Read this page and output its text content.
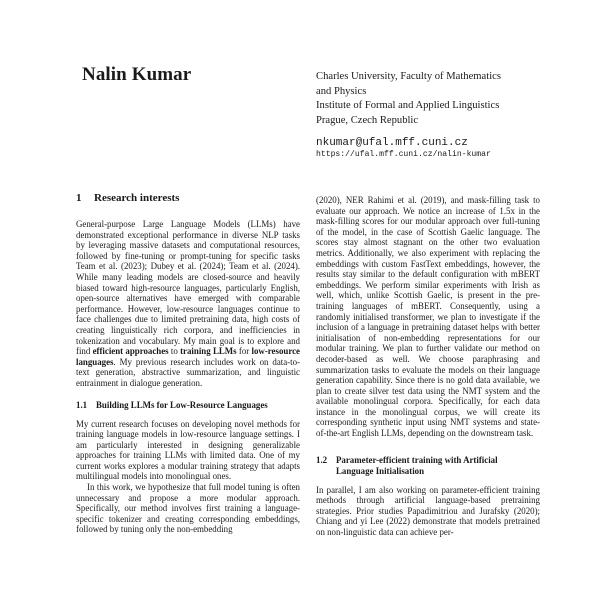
Nalin Kumar	Charles University, Faculty of Mathematics
and Physics
Institute of Formal and Applied Linguistics
Prague, Czech Republic
nkumar@ufal.mff.cuni.cz
https://ufal.mff.cuni.cz/nalin-kumar
1 Research interests

General-purpose Large Language Models (LLMs) have demonstrated exceptional performance in diverse NLP tasks by leveraging massive datasets and computational resources, followed by fine-tuning or prompt-tuning for specific tasks Team et al. (2023); Dubey et al. (2024); Team et al. (2024). While many leading models are closed-source and heavily biased toward high-resource languages, particularly English, open-source alternatives have emerged with comparable performance. However, low-resource languages continue to face challenges due to limited pretraining data, high costs of creating linguistically rich corpora, and inefficiencies in tokenization and vocabulary. My main goal is to explore and find efficient approaches to training LLMs for low-resource languages. My previous research includes work on data-to-text generation, abstractive summarization, and linguistic entrainment in dialogue generation.

1.1 Building LLMs for Low-Resource Languages

My current research focuses on developing novel methods for training language models in low-resource language settings. I am particularly interested in designing generalizable approaches for training LLMs with limited data. One of my current works explores a modular training strategy that adapts multilingual models into monolingual ones.

In this work, we hypothesize that full model tuning is often unnecessary and propose a more modular approach. Specifically, our method involves first training a language-specific tokenizer and creating corresponding embeddings, followed by tuning only the non-embedding

(2020), NER Rahimi et al. (2019), and mask-filling task to evaluate our approach. We notice an increase of 1.5x in the mask-filling scores for our modular approach over full-tuning of the model, in the case of Scottish Gaelic language. The scores stay almost stagnant on the other two evaluation metrics. Additionally, we also experiment with replacing the embeddings with custom FastText embeddings, however, the results stay similar to the default configuration with mBERT embeddings. We perform similar experiments with Irish as well, which, unlike Scottish Gaelic, is present in the pre-training languages of mBERT. Consequently, using a randomly initialised transformer, we plan to investigate if the inclusion of a language in pretraining dataset helps with better initialisation of non-embedding representations for our modular training. We plan to further validate our method on decoder-based as well. We choose paraphrasing and summarization tasks to evaluate the models on their language generation capability. Since there is no gold data available, we plan to create silver test data using the NMT system and the available monolingual corpora. Specifically, for each data instance in the monolingual corpus, we will create its corresponding synthetic input using NMT systems and state-of-the-art English LLMs, depending on the downstream task.

1.2 Parameter-efficient training with Artificial
Language Initialisation

In parallel, I am also working on parameter-efficient training methods through artificial language-based pretraining strategies. Prior studies Papadimitriou and Jurafsky (2020); Chiang and yi Lee (2022) demonstrate that models pretrained on non-linguistic data can achieve per-
